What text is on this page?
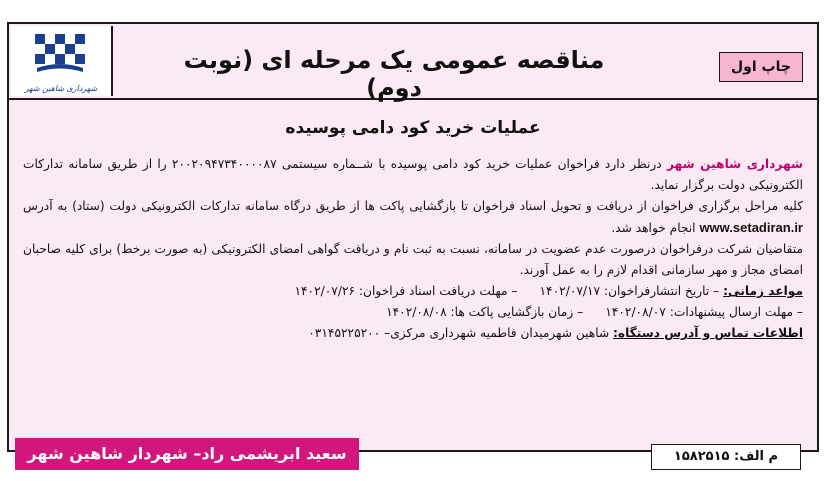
شهرداری شاهین شهر
مناقصه عمومی یک مرحله ای (نوبت دوم)
چاپ اول
عملیات خرید کود دامی پوسیده

شهرداری شاهین شهر درنظر دارد فراخوان عملیات خرید کود دامی پوسیده با شــماره سیستمی ۲۰۰۲۰۹۴۷۳۴۰۰۰۰۸۷ را از طریق سامانه تدارکات الکترونیکی دولت برگزار نماید.

کلیه مراحل برگزاری فراخوان از دریافت و تحویل اسناد فراخوان تا بازگشایی پاکت ها از طریق درگاه سامانه تدارکات الکترونیکی دولت (ستاد) به آدرس www.setadiran.ir انجام خواهد شد.

متقاضیان شرکت درفراخوان درصورت عدم عضویت در سامانه، نسبت به ثبت نام و دریافت گواهی امضای الکترونیکی (به صورت برخط) برای کلیه صاحبان امضای مجاز و مهر سازمانی اقدام لازم را به عمل آورند.

مواعد زمانی: – تاریخ انتشارفراخوان: ۱۴۰۲/۰۷/۱۷– مهلت دریافت اسناد فراخوان: ۱۴۰۲/۰۷/۲۶
– مهلت ارسال پیشنهادات: ۱۴۰۲/۰۸/۰۷– زمان بازگشایی پاکت ها: ۱۴۰۲/۰۸/۰۸
اطلاعات تماس و آدرس دستگاه: شاهین شهرمیدان فاطمیه شهرداری مرکزی– ۰۳۱۴۵۲۲۵۲۰۰
سعید ابریشمی راد– شهردار شاهین شهر	م الف: ۱۵۸۲۵۱۵
